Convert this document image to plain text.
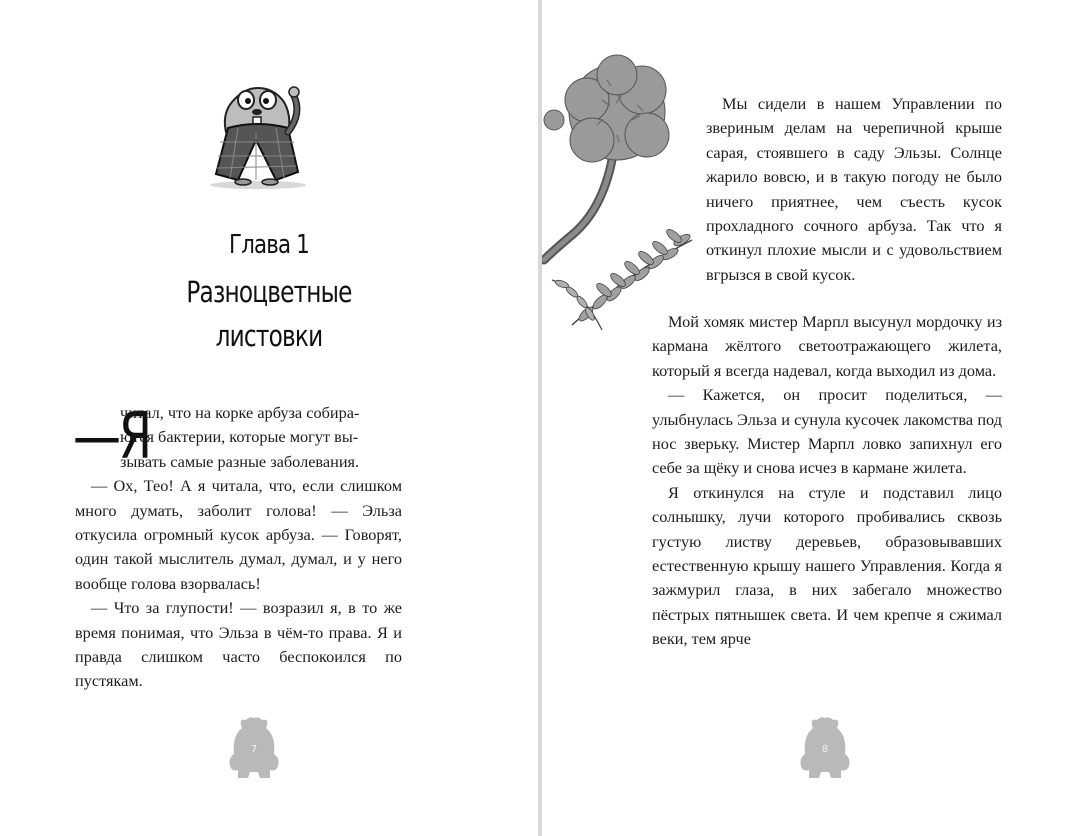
Глава 1
Разноцветные
листовки
—Я

читал, что на корке арбуза собира-

ются бактерии, которые могут вы-

зывать самые разные заболевания.

— Ох, Тео! А я читала, что, если слишком много думать, заболит голова! — Эльза откусила огромный кусок арбуза. — Говорят, один такой мыслитель думал, думал, и у него вообще голова взорвалась!

— Что за глупости! — возразил я, в то же время понимая, что Эльза в чём-то права. Я и правда слишком часто беспокоился по пустякам.

7	8

Мы сидели в нашем Управлении по звериным делам на черепичной крыше сарая, стоявшего в саду Эльзы. Солнце жарило вовсю, и в такую погоду не было ничего приятнее, чем съесть кусок прохладного сочного арбуза. Так что я откинул плохие мысли и с удовольствием вгрызся в свой кусок.

Мой хомяк мистер Марпл высунул мордочку из кармана жёлтого светоотражающего жилета, который я всегда надевал, когда выходил из дома.

— Кажется, он просит поделиться, — улыбнулась Эльза и сунула кусочек лакомства под нос зверьку. Мистер Марпл ловко запихнул его себе за щёку и снова исчез в кармане жилета.

Я откинулся на стуле и подставил лицо солнышку, лучи которого пробивались сквозь густую листву деревьев, образовывавших естественную крышу нашего Управления. Когда я зажмурил глаза, в них забегало множество пёстрых пятнышек света. И чем крепче я сжимал веки, тем ярче
